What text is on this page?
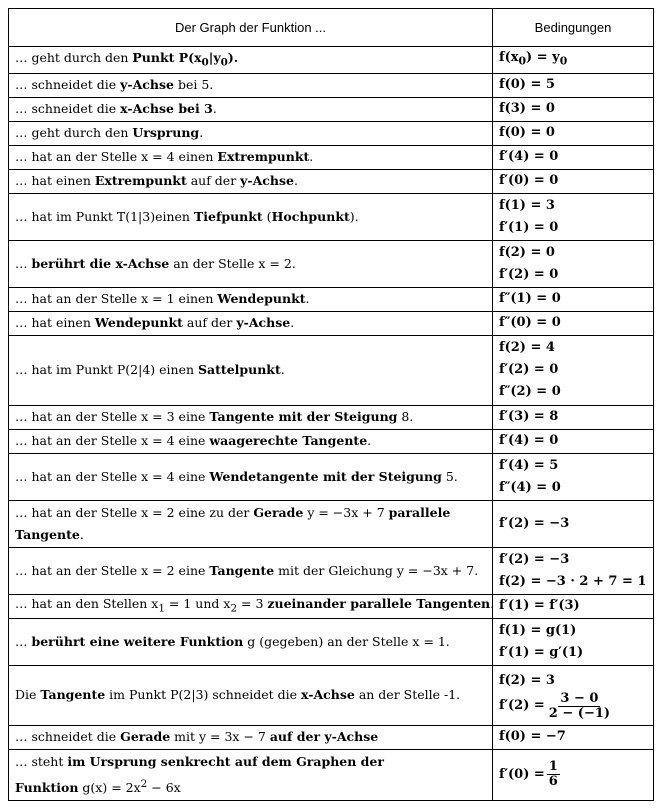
Der Graph der Funktion ...	Bedingungen
… geht durch den Punkt $P(x_0|y_0)$.	$f(x_0) = y_0$
… schneidet die y-Achse bei 5.	f(0) = 5
… schneidet die x-Achse bei 3.	f(3) = 0
… geht durch den Ursprung.	f(0) = 0
… hat an der Stelle x = 4 einen Extrempunkt.	f′(4) = 0
… hat einen Extrempunkt auf der y-Achse.	f′(0) = 0
… hat im Punkt T(1|3)einen Tiefpunkt (Hochpunkt).	f(1) = 3
f′(1) = 0

… berührt die x-Achse an der Stelle x = 2.	f(2) = 0
f′(2) = 0

… hat an der Stelle x = 1 einen Wendepunkt.	f″(1) = 0
… hat einen Wendepunkt auf der y-Achse.	f″(0) = 0
… hat im Punkt P(2|4) einen Sattelpunkt.	f(2) = 4
f′(2) = 0
f″(2) = 0

… hat an der Stelle x = 3 eine Tangente mit der Steigung 8.	f′(3) = 8
… hat an der Stelle x = 4 eine waagerechte Tangente.	f′(4) = 0
… hat an der Stelle x = 4 eine Wendetangente mit der Steigung 5.	f′(4) = 5
f″(4) = 0

… hat an der Stelle x = 2 eine zu der Gerade y = −3x + 7 parallele Tangente.	f′(2) = −3
… hat an der Stelle x = 2 eine Tangente mit der Gleichung y = −3x + 7.	f′(2) = −3
f(2) = −3 · 2 + 7 = 1

… hat an den Stellen $x_1 = 1$ und $x_2 = 3$ zueinander parallele Tangenten.	f′(1) = f′(3)
… berührt eine weitere Funktion g (gegeben) an der Stelle x = 1.	f(1) = g(1)
f′(1) = g′(1)

Die Tangente im Punkt P(2|3) schneidet die x-Achse an der Stelle -1.	f(2) = 3
$f'(2) = \frac{3 - 0}{2 - (-1)}$

… schneidet die Gerade mit y = 3x − 7 auf der y-Achse	f(0) = −7
… steht im Ursprung senkrecht auf dem Graphen der
Funktion $g(x) = 2x^2 - 6x$	$f'(0) = \frac{1}{6}$
